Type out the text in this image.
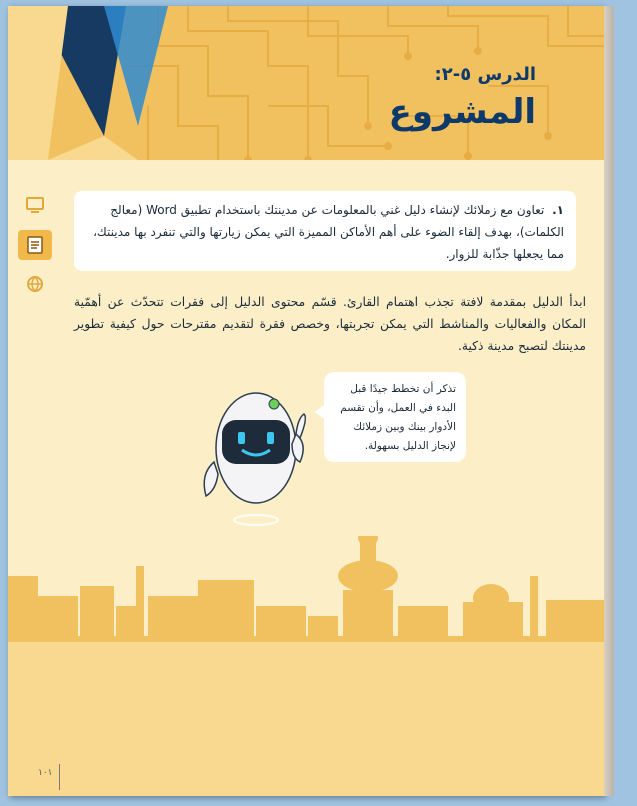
الدرس ٥-٢:
المشروع
١. تعاون مع زملائك لإنشاء دليل غني بالمعلومات عن مدينتك باستخدام تطبيق Word (معالج الكلمات)، بهدف إلقاء الضوء على أهم الأماكن المميزة التي يمكن زيارتها والتي تنفرد بها مدينتك، مما يجعلها جذّابة للزوار.
ابدأ الدليل بمقدمة لافتة تجذب اهتمام القارئ. قسّم محتوى الدليل إلى فقرات تتحدّث عن أهمّية المكان والفعاليات والمناشط التي يمكن تجربتها، وخصص فقرة لتقديم مقترحات حول كيفية تطوير مدينتك لتصبح مدينة ذكية.
تذكر أن تخطط جيدًا قبل البدء في العمل، وأن تقسم الأدوار بينك وبين زملائك لإنجاز الدليل بسهولة.
١٠١
